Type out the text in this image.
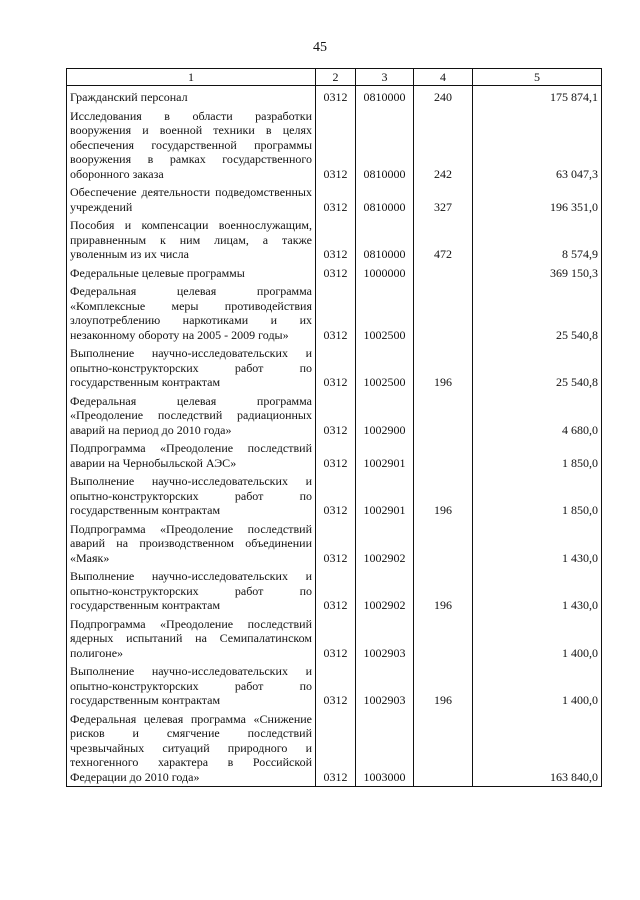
45
1	2	3	4	5
Гражданский персонал	0312	0810000	240	175 874,1
Исследования в области разработки вооружения и военной техники в целях обеспечения государственной программы вооружения в рамках государственного оборонного заказа	0312	0810000	242	63 047,3
Обеспечение деятельности подведомственных учреждений	0312	0810000	327	196 351,0
Пособия и компенсации военнослужащим, приравненным к ним лицам, а также уволенным из их числа	0312	0810000	472	8 574,9
Федеральные целевые программы	0312	1000000		369 150,3
Федеральная целевая программа «Комплексные меры противодействия злоупотреблению наркотиками и их незаконному обороту на 2005 - 2009 годы»	0312	1002500		25 540,8
Выполнение научно-исследовательских и опытно-конструкторских работ по государственным контрактам	0312	1002500	196	25 540,8
Федеральная целевая программа «Преодоление последствий радиационных аварий на период до 2010 года»	0312	1002900		4 680,0
Подпрограмма «Преодоление последствий аварии на Чернобыльской АЭС»	0312	1002901		1 850,0
Выполнение научно-исследовательских и опытно-конструкторских работ по государственным контрактам	0312	1002901	196	1 850,0
Подпрограмма «Преодоление последствий аварий на производственном объединении «Маяк»	0312	1002902		1 430,0
Выполнение научно-исследовательских и опытно-конструкторских работ по государственным контрактам	0312	1002902	196	1 430,0
Подпрограмма «Преодоление последствий ядерных испытаний на Семипалатинском полигоне»	0312	1002903		1 400,0
Выполнение научно-исследовательских и опытно-конструкторских работ по государственным контрактам	0312	1002903	196	1 400,0
Федеральная целевая программа «Снижение рисков и смягчение последствий чрезвычайных ситуаций природного и техногенного характера в Российской Федерации до 2010 года»	0312	1003000		163 840,0
